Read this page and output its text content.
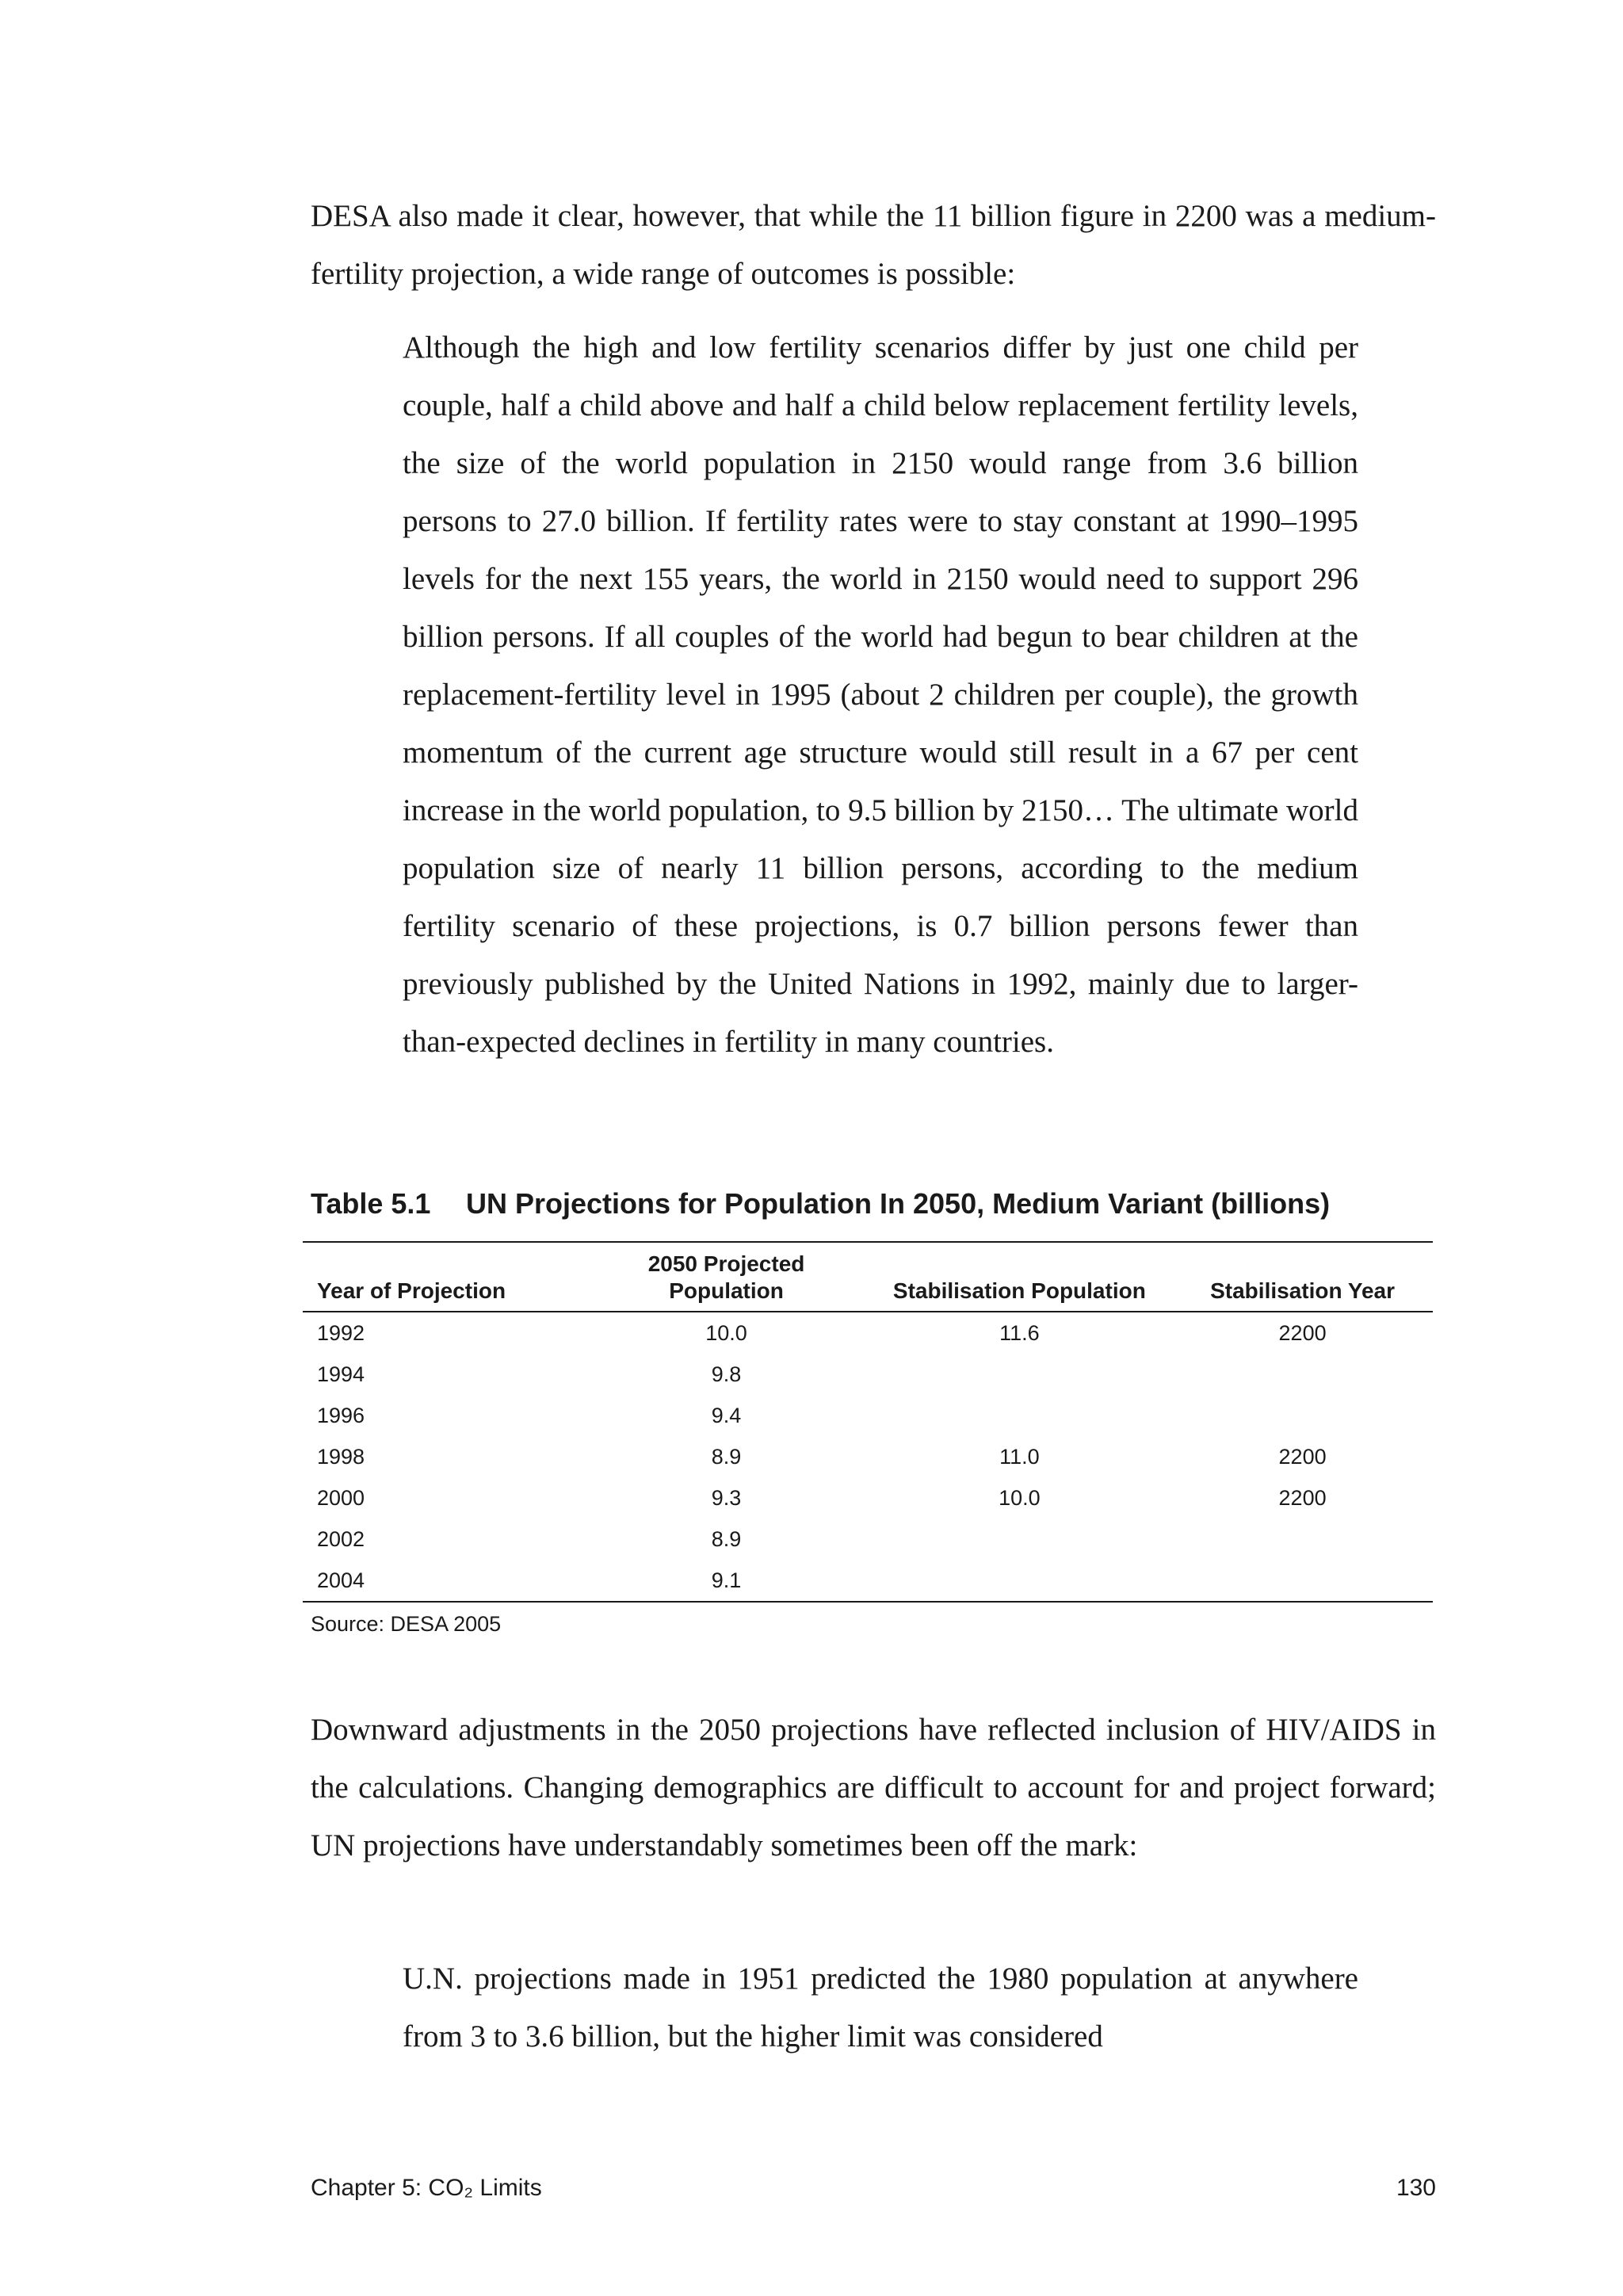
DESA also made it clear, however, that while the 11 billion figure in 2200 was a medium-fertility projection, a wide range of outcomes is possible:

Although the high and low fertility scenarios differ by just one child per couple, half a child above and half a child below replacement fertility levels, the size of the world population in 2150 would range from 3.6 billion persons to 27.0 billion. If fertility rates were to stay constant at 1990–1995 levels for the next 155 years, the world in 2150 would need to support 296 billion persons. If all couples of the world had begun to bear children at the replacement-fertility level in 1995 (about 2 children per couple), the growth momentum of the current age structure would still result in a 67 per cent increase in the world population, to 9.5 billion by 2150… The ultimate world population size of nearly 11 billion persons, according to the medium fertility scenario of these projections, is 0.7 billion persons fewer than previously published by the United Nations in 1992, mainly due to larger-than-expected declines in fertility in many countries.

Table 5.1 UN Projections for Population In 2050, Medium Variant (billions)
Year of Projection	2050 Projected Population	Stabilisation Population	Stabilisation Year
1992	10.0	11.6	2200
1994	9.8		
1996	9.4		
1998	8.9	11.0	2200
2000	9.3	10.0	2200
2002	8.9		
2004	9.1		
Source: DESA 2005

Downward adjustments in the 2050 projections have reflected inclusion of HIV/AIDS in the calculations. Changing demographics are difficult to account for and project forward; UN projections have understandably sometimes been off the mark:

U.N. projections made in 1951 predicted the 1980 population at anywhere from 3 to 3.6 billion, but the higher limit was considered

Chapter 5: CO₂ Limits	130
